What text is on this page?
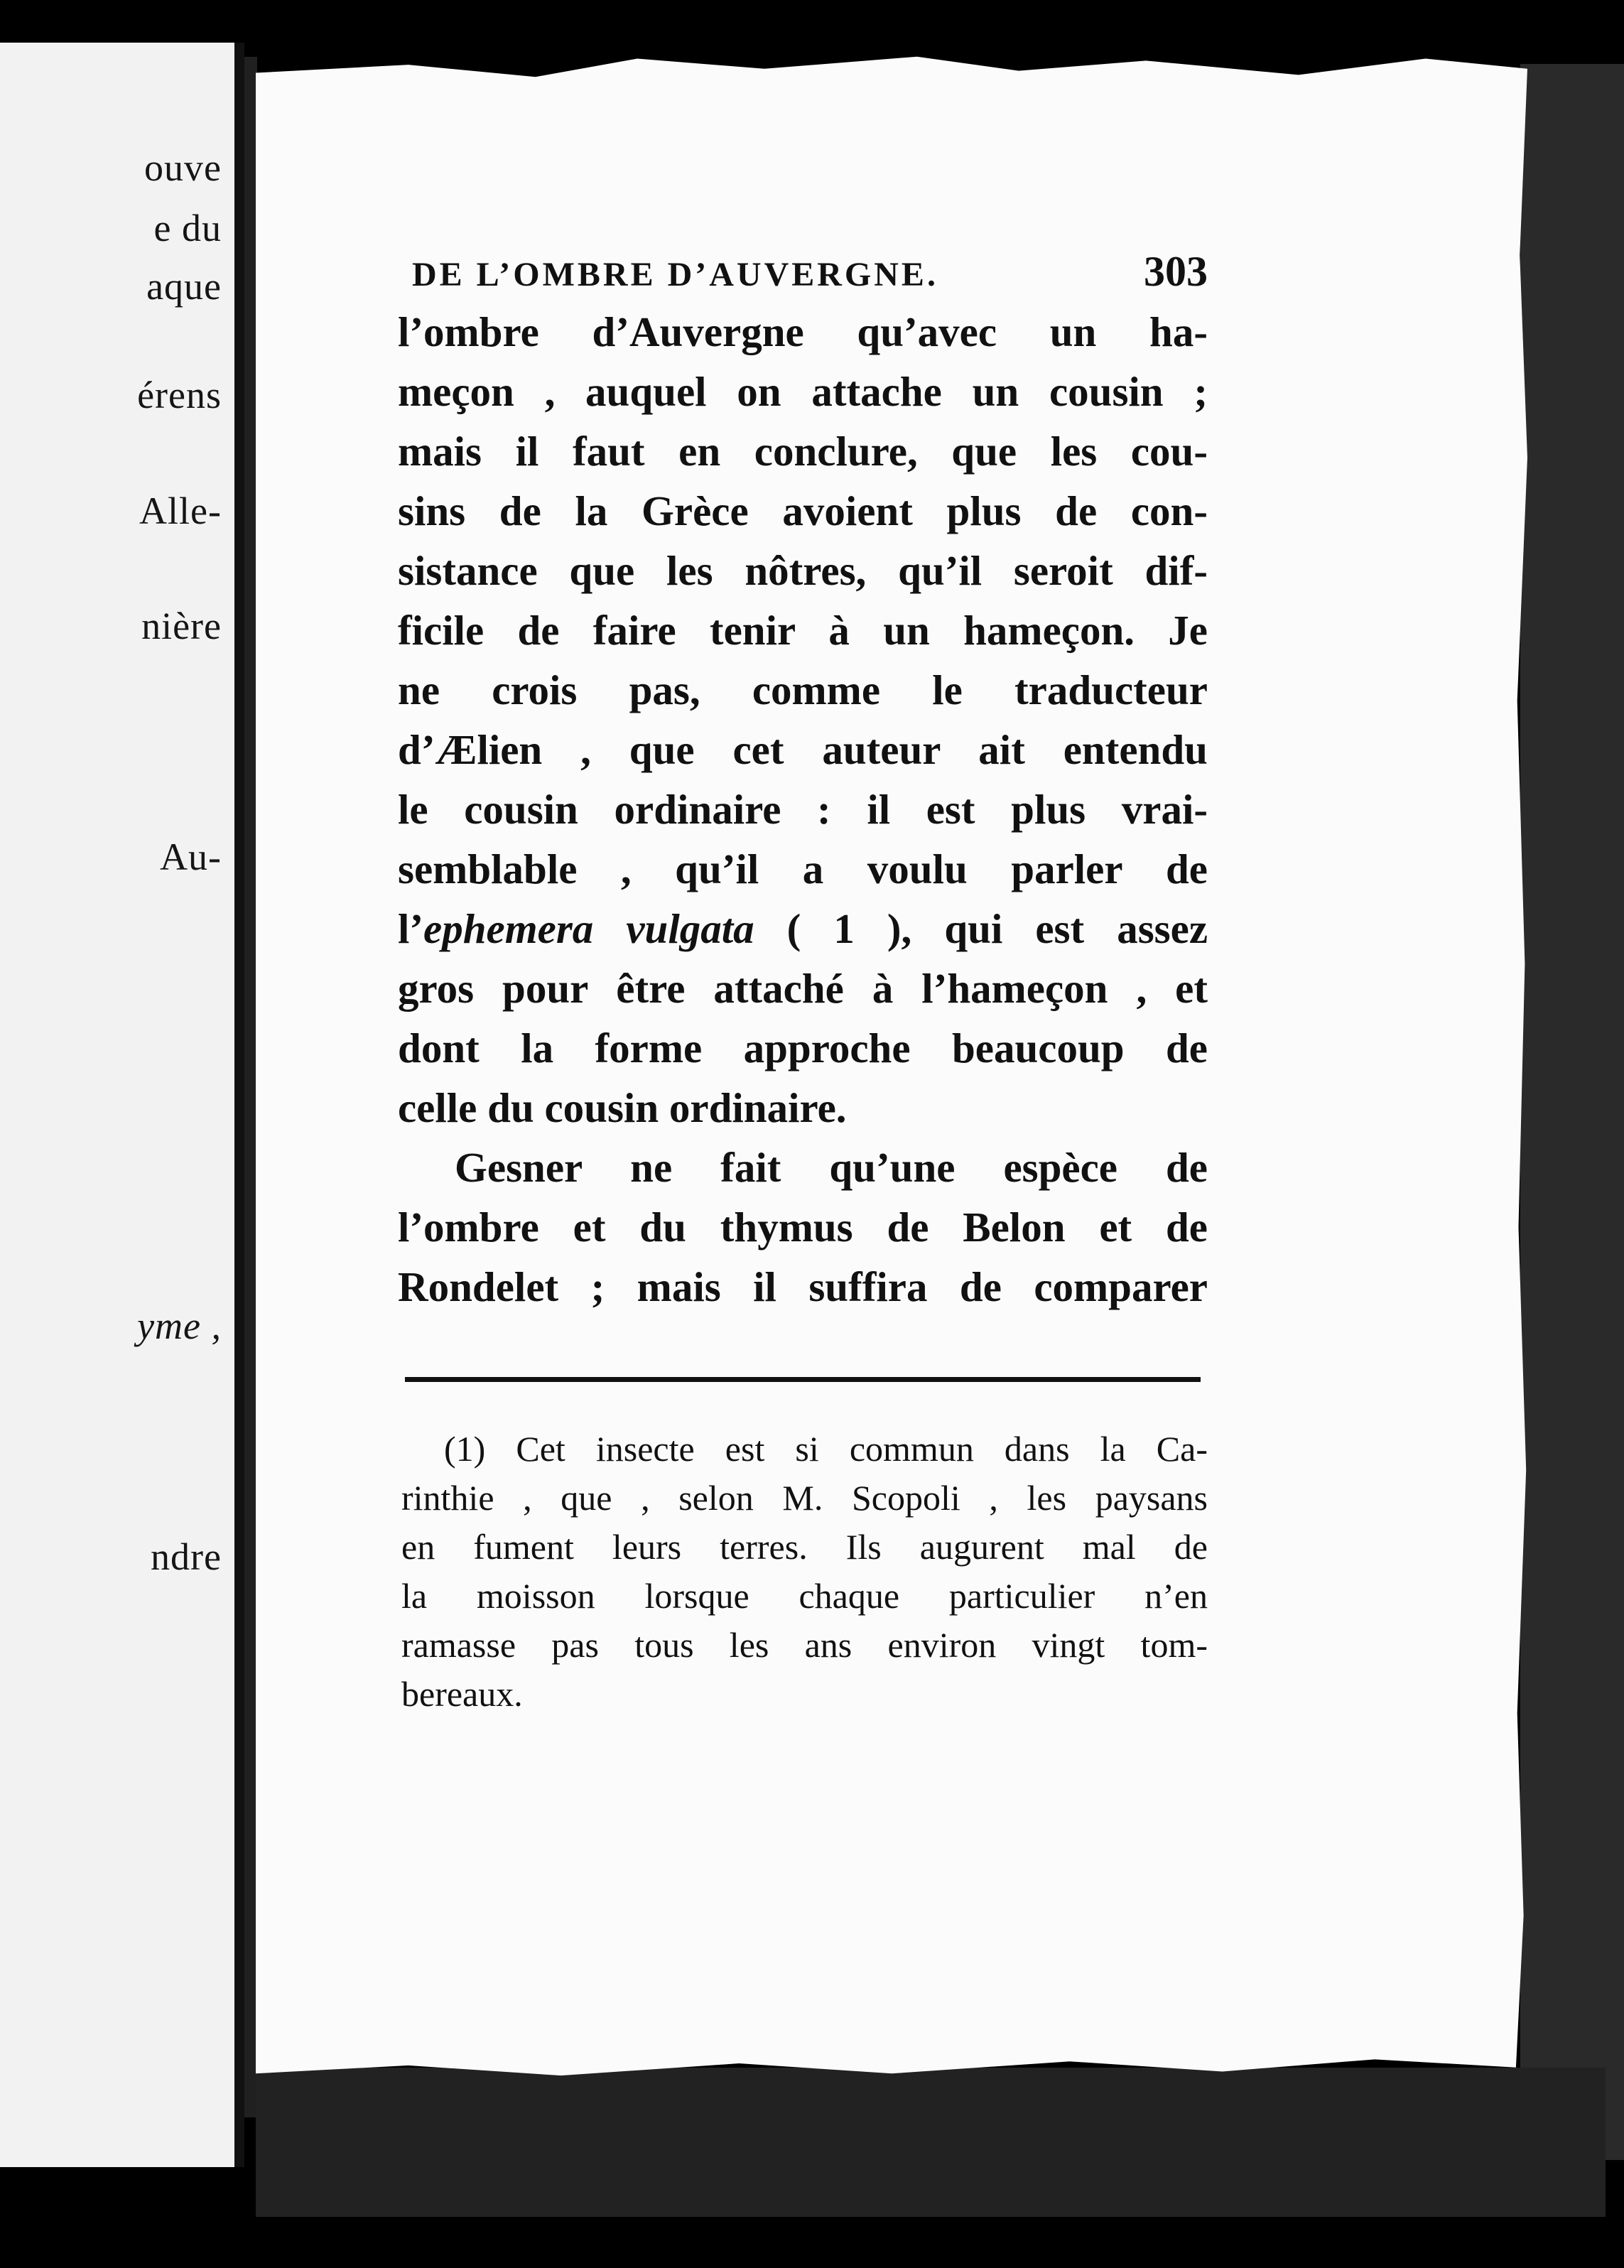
ouve
e du
aque
érens
Alle-
nière
Au-
yme ,
ndre
DE L’OMBRE D’AUVERGNE.	303
l’ombre d’Auvergne qu’avec un ha-
meçon , auquel on attache un cousin ;
mais il faut en conclure, que les cou-
sins de la Grèce avoient plus de con-
sistance que les nôtres, qu’il seroit dif-
ficile de faire tenir à un hameçon. Je
ne crois pas, comme le traducteur
d’Ælien , que cet auteur ait entendu
le cousin ordinaire : il est plus vrai-
semblable , qu’il a voulu parler de
l’ephemera vulgata ( 1 ), qui est assez
gros pour être attaché à l’hameçon , et
dont la forme approche beaucoup de
celle du cousin ordinaire.
Gesner ne fait qu’une espèce de
l’ombre et du thymus de Belon et de
Rondelet ; mais il suffira de comparer
(1) Cet insecte est si commun dans la Ca-
rinthie , que , selon M. Scopoli , les paysans
en fument leurs terres. Ils augurent mal de
la moisson lorsque chaque particulier n’en
ramasse pas tous les ans environ vingt tom-
bereaux.
